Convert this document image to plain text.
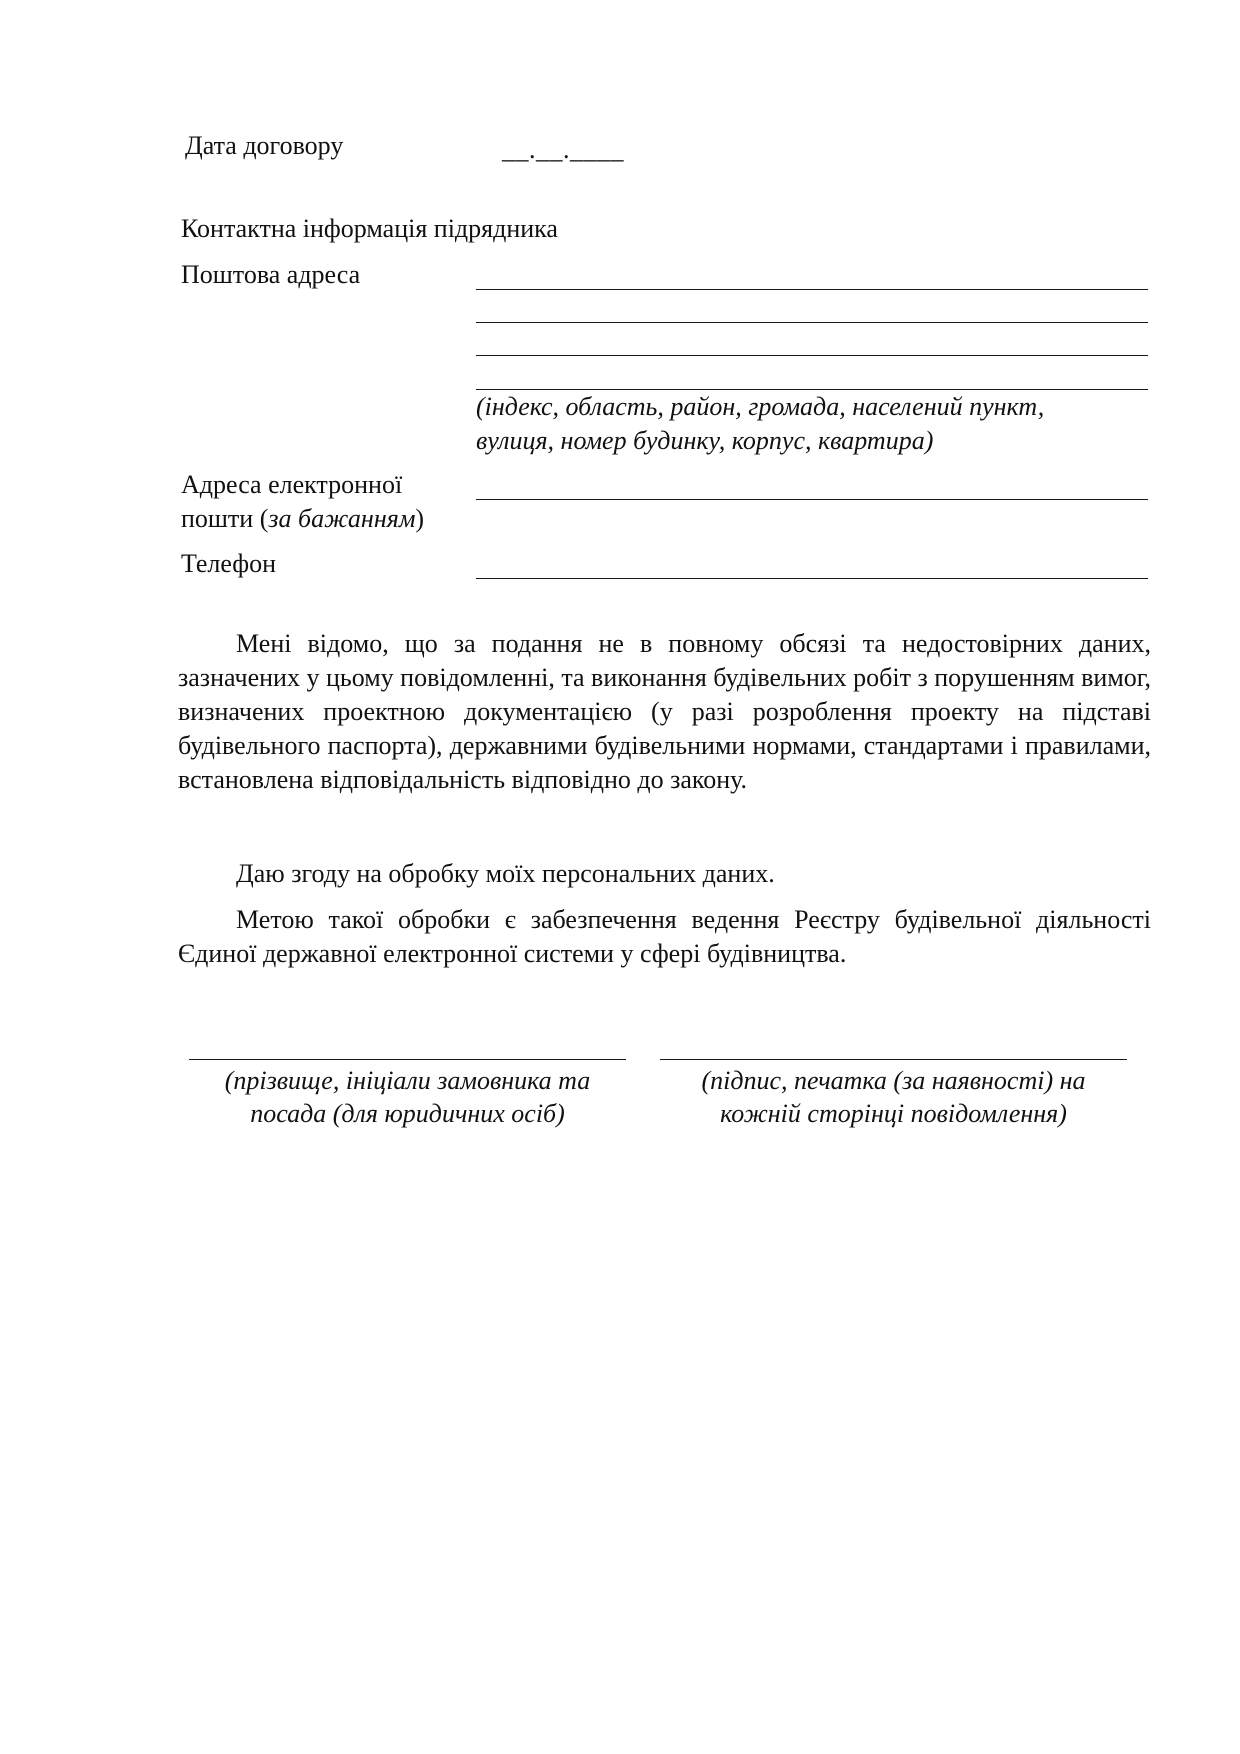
Дата договору	__.__.____
Контактна інформація підрядника
Поштова адреса
(індекс, область, район, громада, населений пункт,
вулиця, номер будинку, корпус, квартира)
Адреса електронної
пошти (за бажанням)
Телефон

Мені відомо, що за подання не в повному обсязі та недостовірних даних, зазначених у цьому повідомленні, та виконання будівельних робіт з порушенням вимог, визначених проектною документацією (у разі розроблення проекту на підставі будівельного паспорта), державними будівельними нормами, стандартами і правилами, встановлена відповідальність відповідно до закону.

Даю згоду на обробку моїх персональних даних.

Метою такої обробки є забезпечення ведення Реєстру будівельної діяльності Єдиної державної електронної системи у сфері будівництва.

(прізвище, ініціали замовника та
посада (для юридичних осіб)
(підпис, печатка (за наявності) на
кожній сторінці повідомлення)
